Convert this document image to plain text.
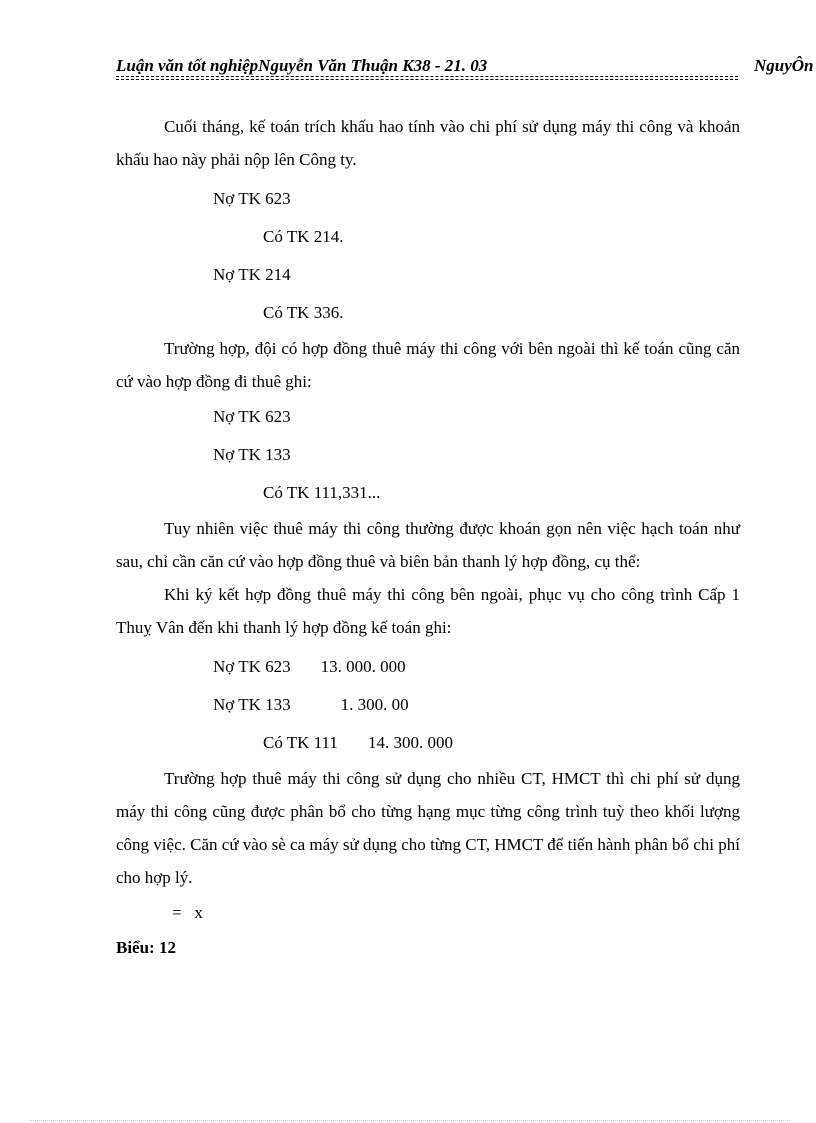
Luận văn tốt nghiệpNguyễn Văn Thuận K38 - 21. 03	NguyÔn

Cuối tháng, kế toán trích khấu hao tính vào chi phí sử dụng máy thi công và khoản khấu hao này phải nộp lên Công ty.

Nợ TK 623
Có TK 214.
Nợ TK 214
Có TK 336.

Trường hợp, đội có hợp đồng thuê máy thi công với bên ngoài thì kế toán cũng căn cứ vào hợp đồng đi thuê ghi:

Nợ TK 623
Nợ TK 133
Có TK 111,331...

Tuy nhiên việc thuê máy thi công thường được khoán gọn nên việc hạch toán như sau, chỉ cần căn cứ vào hợp đồng thuê và biên bản thanh lý hợp đồng, cụ thể:

Khi ký kết hợp đồng thuê máy thi công bên ngoài, phục vụ cho công trình Cấp 1 Thuỵ Vân đến khi thanh lý hợp đồng kế toán ghi:

Nợ TK 623 13. 000. 000
Nợ TK 133	1. 300. 00
Có TK 111 14. 300. 000

Trường hợp thuê máy thi công sử dụng cho nhiều CT, HMCT thì chi phí sử dụng máy thi công cũng được phân bổ cho từng hạng mục từng công trình tuỳ theo khối lượng công việc. Căn cứ vào sè ca máy sử dụng cho từng CT, HMCT để tiến hành phân bổ chi phí cho hợp lý.

=   x
Biểu: 12
